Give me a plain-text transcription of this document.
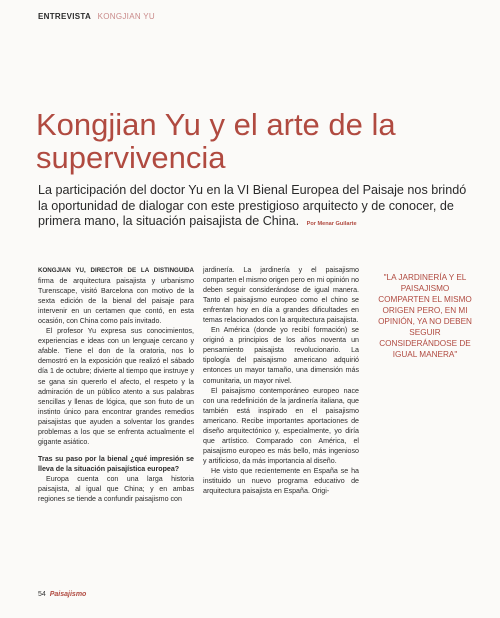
ENTREVISTA KONGJIAN YU
Kongjian Yu y el arte de la supervivencia

La participación del doctor Yu en la VI Bienal Europea del Paisaje nos brindó la oportunidad de dialogar con este prestigioso arquitecto y de conocer, de primera mano, la situación paisajista de China. Por Menar Guilarte

KONGJIAN YU, DIRECTOR DE LA DISTINGUIDA firma de arquitectura paisajista y urbanismo Turenscape, visitó Barcelona con motivo de la sexta edición de la bienal del paisaje para intervenir en un certamen que contó, en esta ocasión, con China como país invitado.

El profesor Yu expresa sus conocimientos, experiencias e ideas con un lenguaje cercano y afable. Tiene el don de la oratoria, nos lo demostró en la exposición que realizó el sábado día 1 de octubre; divierte al tiempo que instruye y se gana sin quererlo el afecto, el respeto y la admiración de un público atento a sus palabras sencillas y llenas de lógica, que son fruto de un instinto único para encontrar grandes remedios paisajistas que ayuden a solventar los grandes problemas a los que se enfrenta actualmente el gigante asiático.

Tras su paso por la bienal ¿qué impresión se lleva de la situación paisajística europea?

Europa cuenta con una larga historia paisajista, al igual que China; y en ambas regiones se tiende a confundir paisajismo con

jardinería. La jardinería y el paisajismo comparten el mismo origen pero en mi opinión no deben seguir considerándose de igual manera. Tanto el paisajismo europeo como el chino se enfrentan hoy en día a grandes dificultades en temas relacionados con la arquitectura paisajista.

En América (donde yo recibí formación) se originó a principios de los años noventa un pensamiento paisajista revolucionario. La tipología del paisajismo americano adquirió entonces un mayor tamaño, una dimensión más comunitaria, un mayor nivel.

El paisajismo contemporáneo europeo nace con una redefinición de la jardinería italiana, que también está inspirado en el paisajismo americano. Recibe importantes aportaciones de diseño arquitectónico y, especialmente, yo diría que artístico. Comparado con América, el paisajismo europeo es más bello, más ingenioso y artificioso, da más importancia al diseño.

He visto que recientemente en España se ha instituido un nuevo programa educativo de arquitectura paisajista en España. Origi-

"LA JARDINERÍA Y EL PAISAJISMO COMPARTEN EL MISMO ORIGEN PERO, EN MI OPINIÓN, YA NO DEBEN SEGUIR CONSIDERÁNDOSE DE IGUAL MANERA"

54 Paisajismo
